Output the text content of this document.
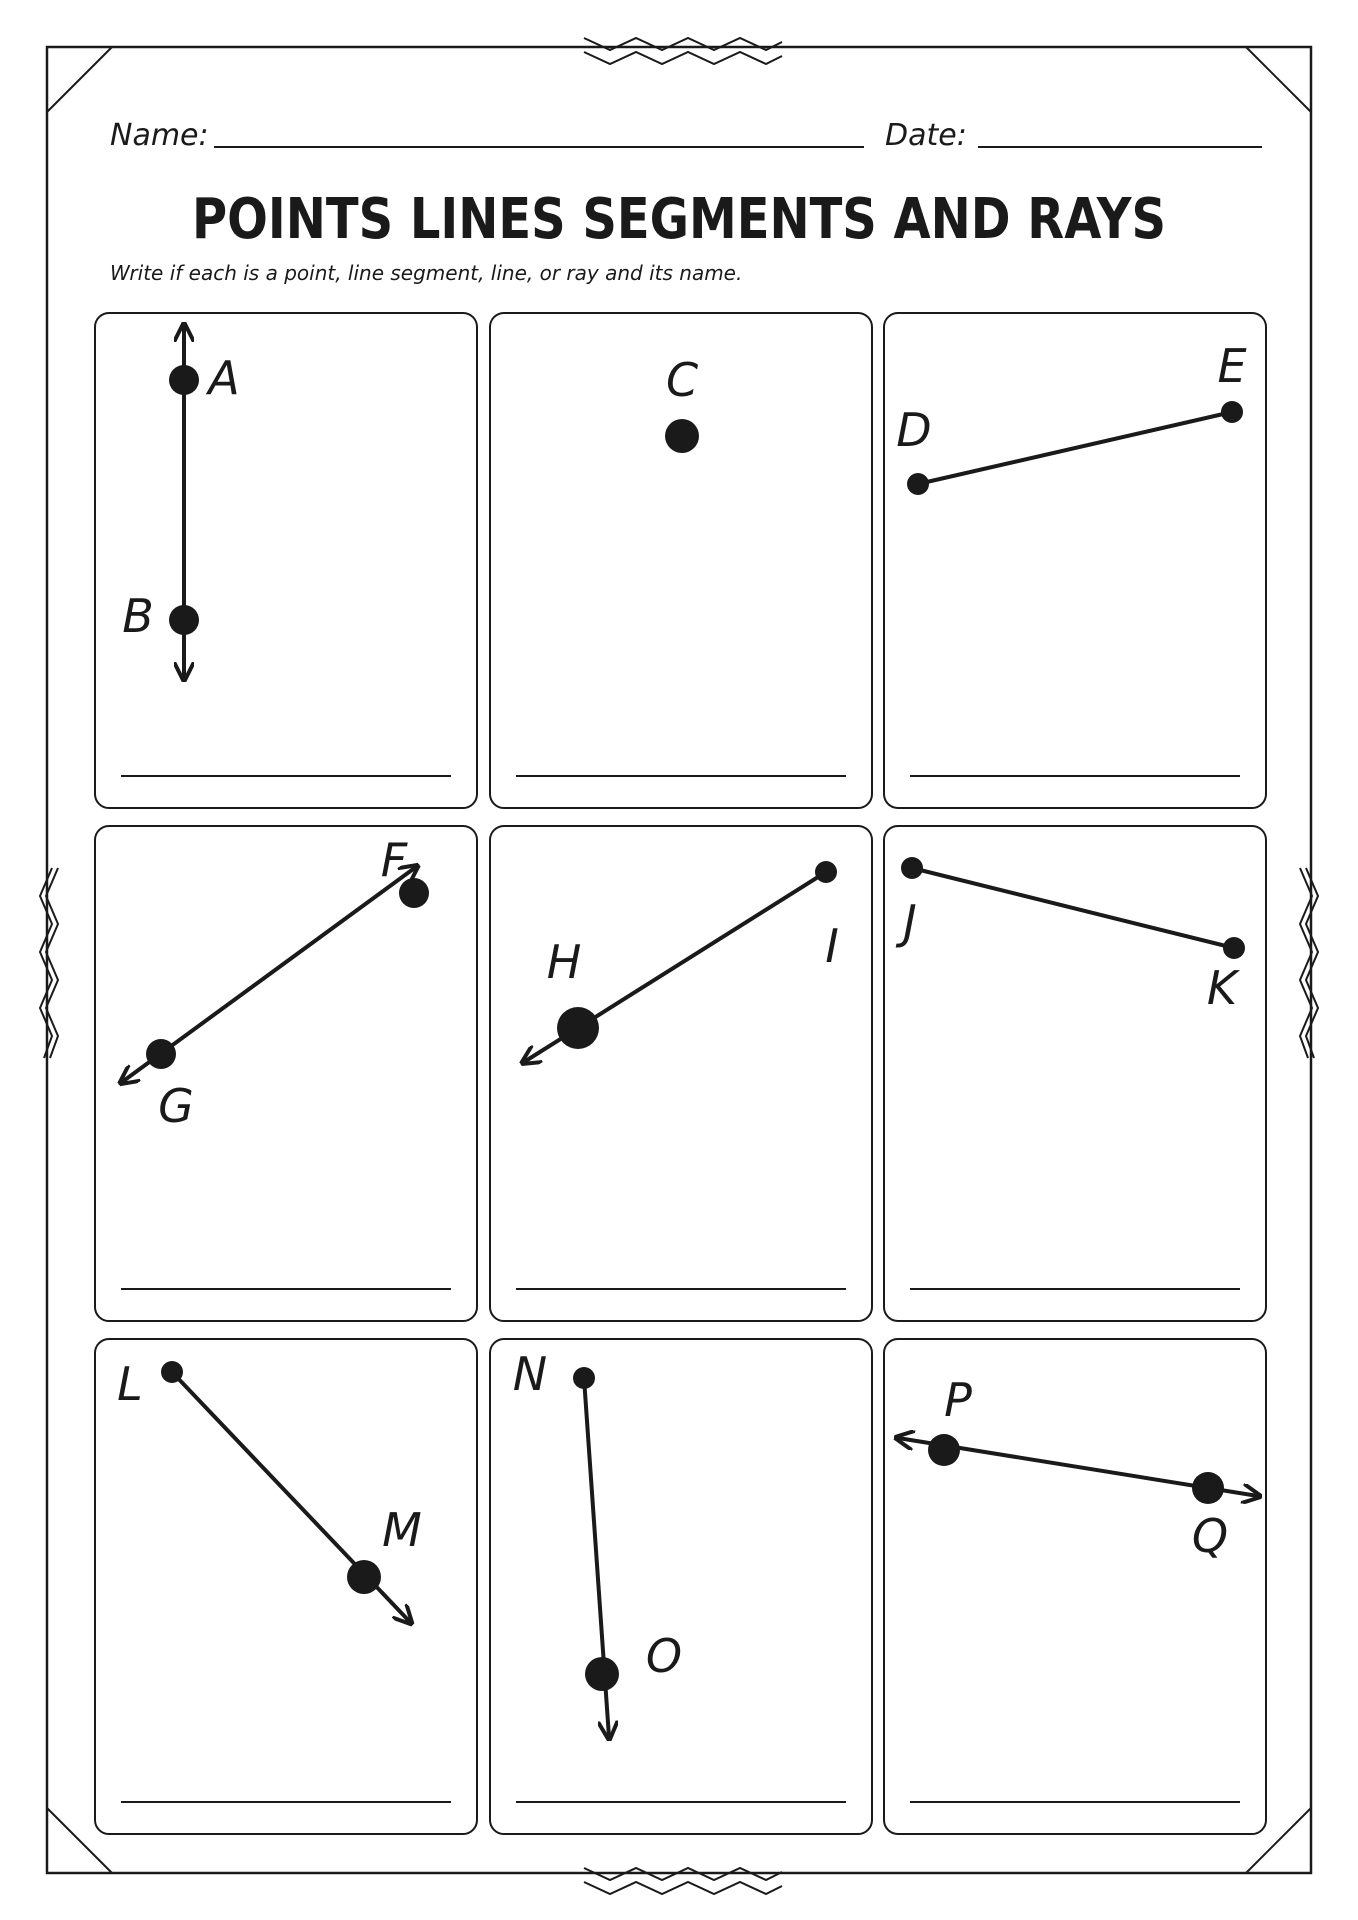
Name:	Date:
POINTS LINES SEGMENTS AND RAYS
Write if each is a point, line segment, line, or ray and its name.
A
B
C
D
E
F
G
H	I J
K
L
M
N
O
P
Q
